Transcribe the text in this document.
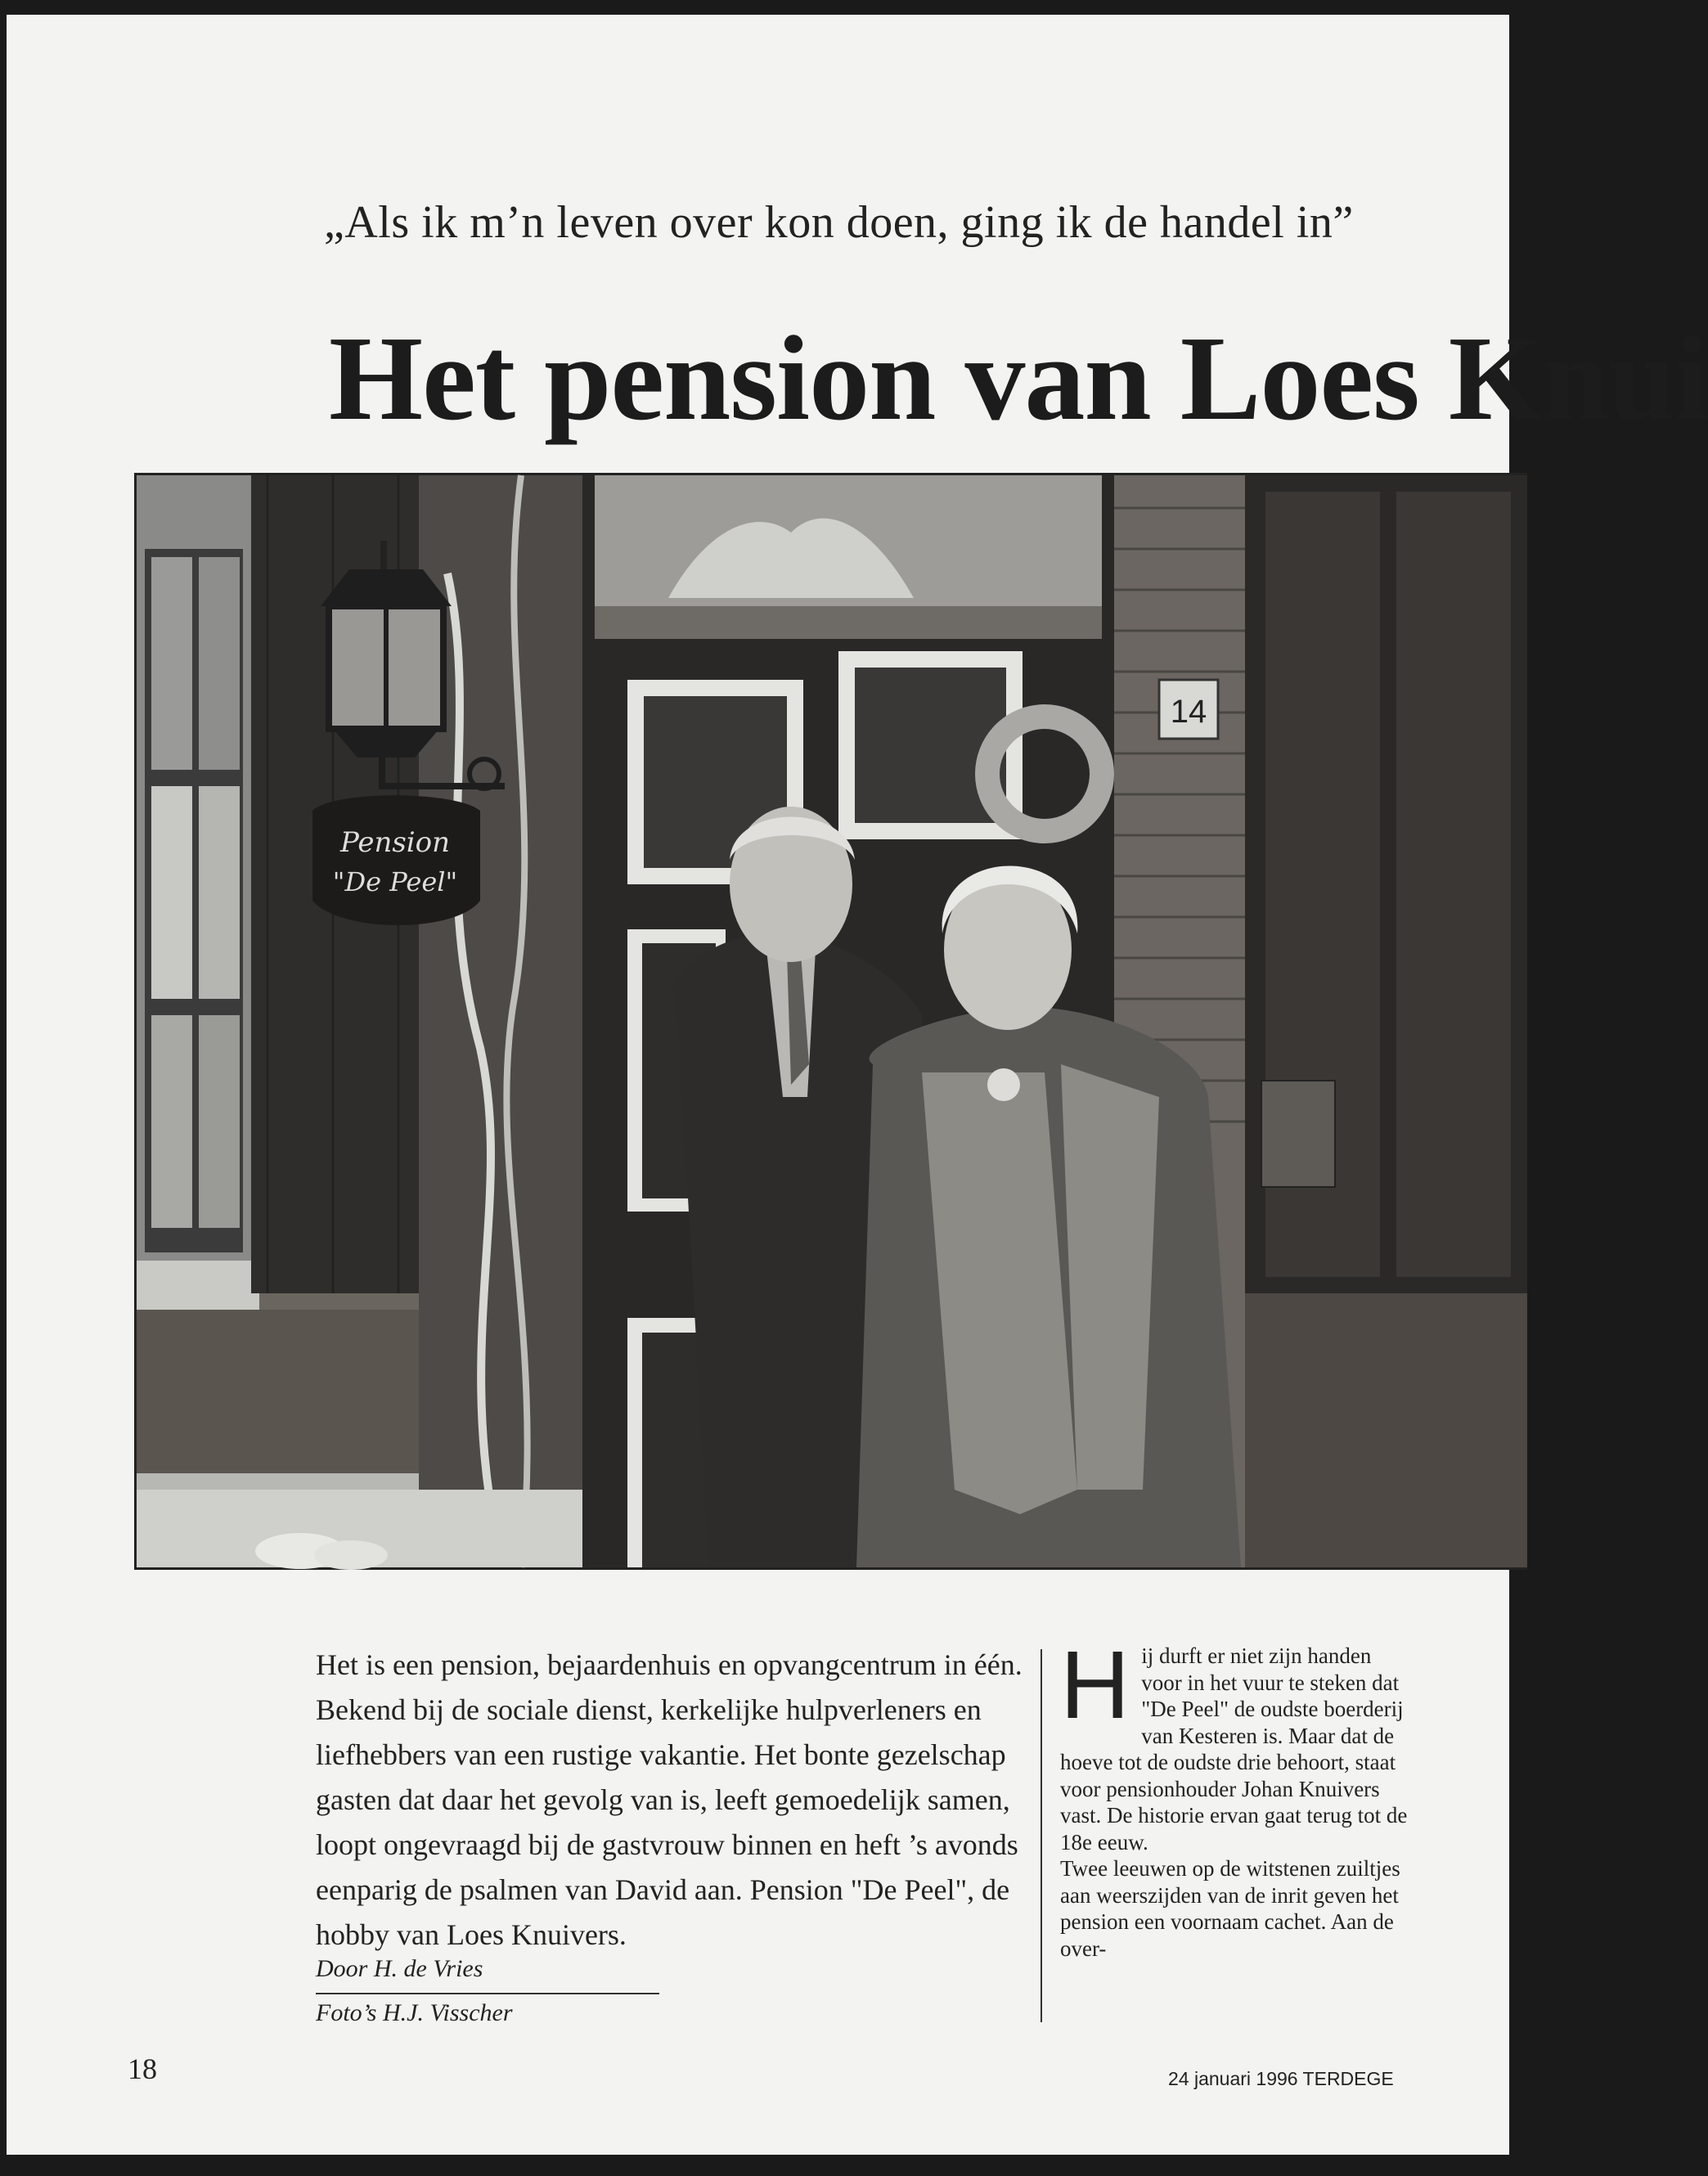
„Als ik m’n leven over kon doen, ging ik de handel in”
Het pension van Loes Knui
14
Pension
"De Peel"
Het is een pension, bejaardenhuis en opvangcentrum in één. Bekend bij de sociale dienst, kerkelijke hulpverleners en liefhebbers van een rustige vakantie. Het bonte gezelschap gasten dat daar het gevolg van is, leeft gemoedelijk samen, loopt ongevraagd bij de gastvrouw binnen en heft ’s avonds eenparig de psalmen van David aan. Pension "De Peel", de hobby van Loes Knuivers.
Door H. de Vries
Foto’s H.J. Visscher
H ij durft er niet zijn handen voor in het vuur te steken dat "De Peel" de oudste boerderij van Kesteren is. Maar dat de hoeve tot de oudste drie behoort, staat voor pensionhouder Johan Knuivers vast. De historie ervan gaat terug tot de 18e eeuw.

Twee leeuwen op de witstenen zuiltjes aan weerszijden van de inrit geven het pension een voornaam cachet. Aan de over-

18	24 januari 1996 TERDEGE
